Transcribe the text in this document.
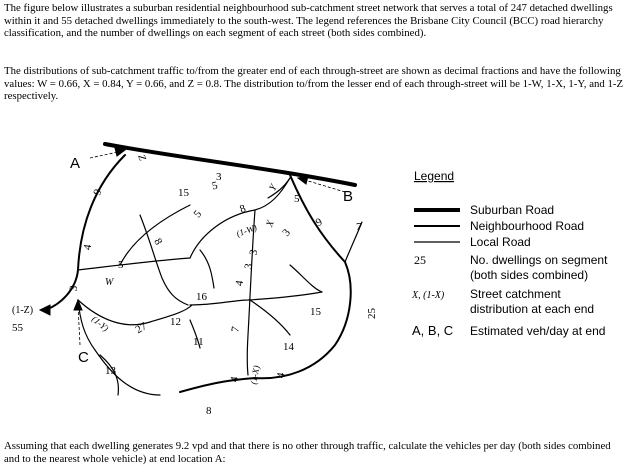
The figure below illustrates a suburban residential neighbourhood sub-catchment street network that serves a total of 247 detached dwellings within it and 55 detached dwellings immediately to the south-west. The legend references the Brisbane City Council (BCC) road hierarchy classification, and the number of dwellings on each segment of each street (both sides combined).

The distributions of sub-catchment traffic to/from the greater end of each through-street are shown as decimal fractions and have the following values: W = 0.66, X = 0.84, Y = 0.66, and Z = 0.8. The distribution to/from the lesser end of each through-street will be 1-W, 1-X, 1-Y, and 1-Z respectively.

A
B
C
(1-Z)
55
Z
Y
X
W
(1-W)
(1-Y)
(1-X)
5
3
9
4
3
15
5
8
8
5
16
12
27
11
13
8
4
3
3
4
7
5
3
9	7
15
14
25
4
Legend
Suburban Road
Neighbourhood Road
Local Road
25	No. dwellings on segment
(both sides combined)
X, (1-X) Street catchment
distribution at each end
A, B, C Estimated veh/day at end

Assuming that each dwelling generates 9.2 vpd and that there is no other through traffic, calculate the vehicles per day (both sides combined and to the nearest whole vehicle) at end location A:
